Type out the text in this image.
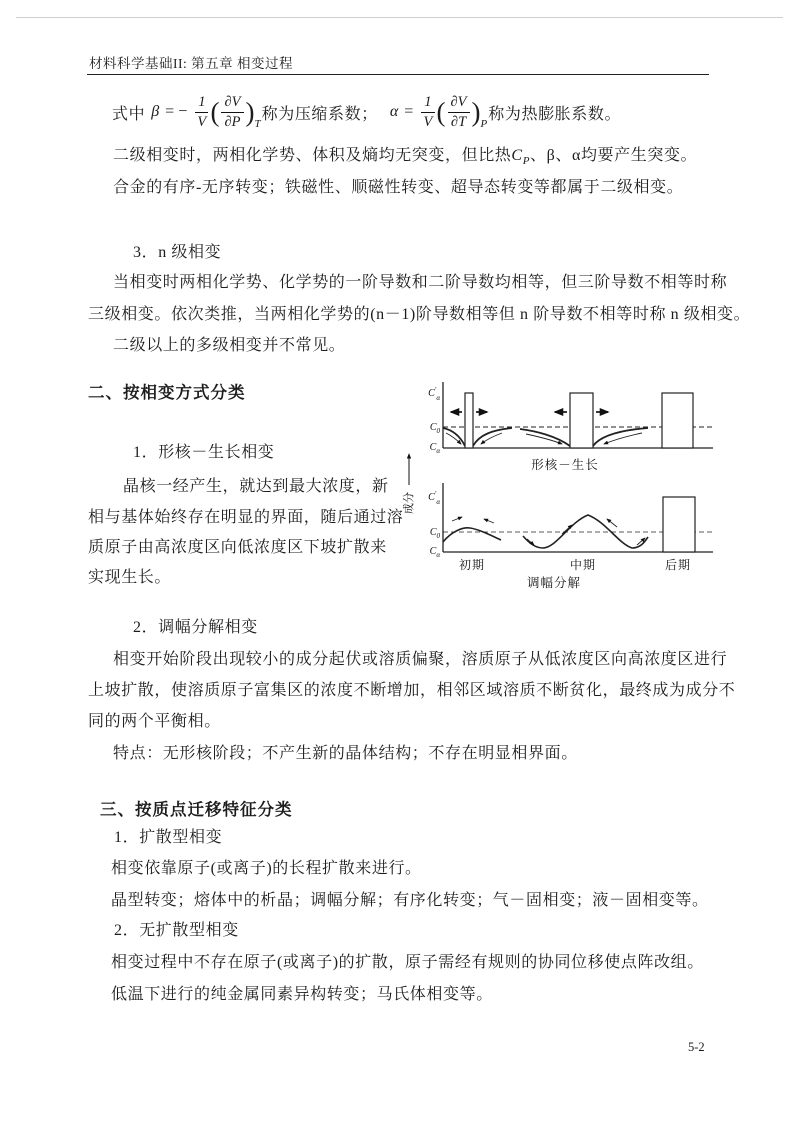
材料科学基础II: 第五章 相变过程
式中 β = − $\frac{1}{V}$ ( ∂V
∂P ) T
称为压缩系数； $\alpha = \frac{1}{V}$ ( ∂V
∂T ) P
称为热膨胀系数。
二级相变时，两相化学势、体积及熵均无突变，但比热$C_P$、β、α均要产生突变。
合金的有序-无序转变；铁磁性、顺磁性转变、超导态转变等都属于二级相变。
3．n 级相变
当相变时两相化学势、化学势的一阶导数和二阶导数均相等，但三阶导数不相等时称
三级相变。依次类推，当两相化学势的(n－1)阶导数相等但 n 阶导数不相等时称 n 级相变。
二级以上的多级相变并不常见。
二、按相变方式分类
1．形核－生长相变
晶核一经产生，就达到最大浓度，新
相与基体始终存在明显的界面，随后通过溶
质原子由高浓度区向低浓度区下坡扩散来
实现生长。
2．调幅分解相变
相变开始阶段出现较小的成分起伏或溶质偏聚，溶质原子从低浓度区向高浓度区进行
上坡扩散，使溶质原子富集区的浓度不断增加，相邻区域溶质不断贫化，最终成为成分不
同的两个平衡相。
特点：无形核阶段；不产生新的晶体结构；不存在明显相界面。
三、按质点迁移特征分类
1．扩散型相变
相变依靠原子(或离子)的长程扩散来进行。
晶型转变；熔体中的析晶；调幅分解；有序化转变；气－固相变；液－固相变等。
2．无扩散型相变
相变过程中不存在原子(或离子)的扩散，原子需经有规则的协同位移使点阵改组。
低温下进行的纯金属同素异构转变；马氏体相变等。
5-2
$C'_\alpha$
$C_0$
$C_\alpha$
形核－生长
成分 $C'_\alpha$
$C_0$
$C_\alpha$
初期	中期	后期
调幅分解
